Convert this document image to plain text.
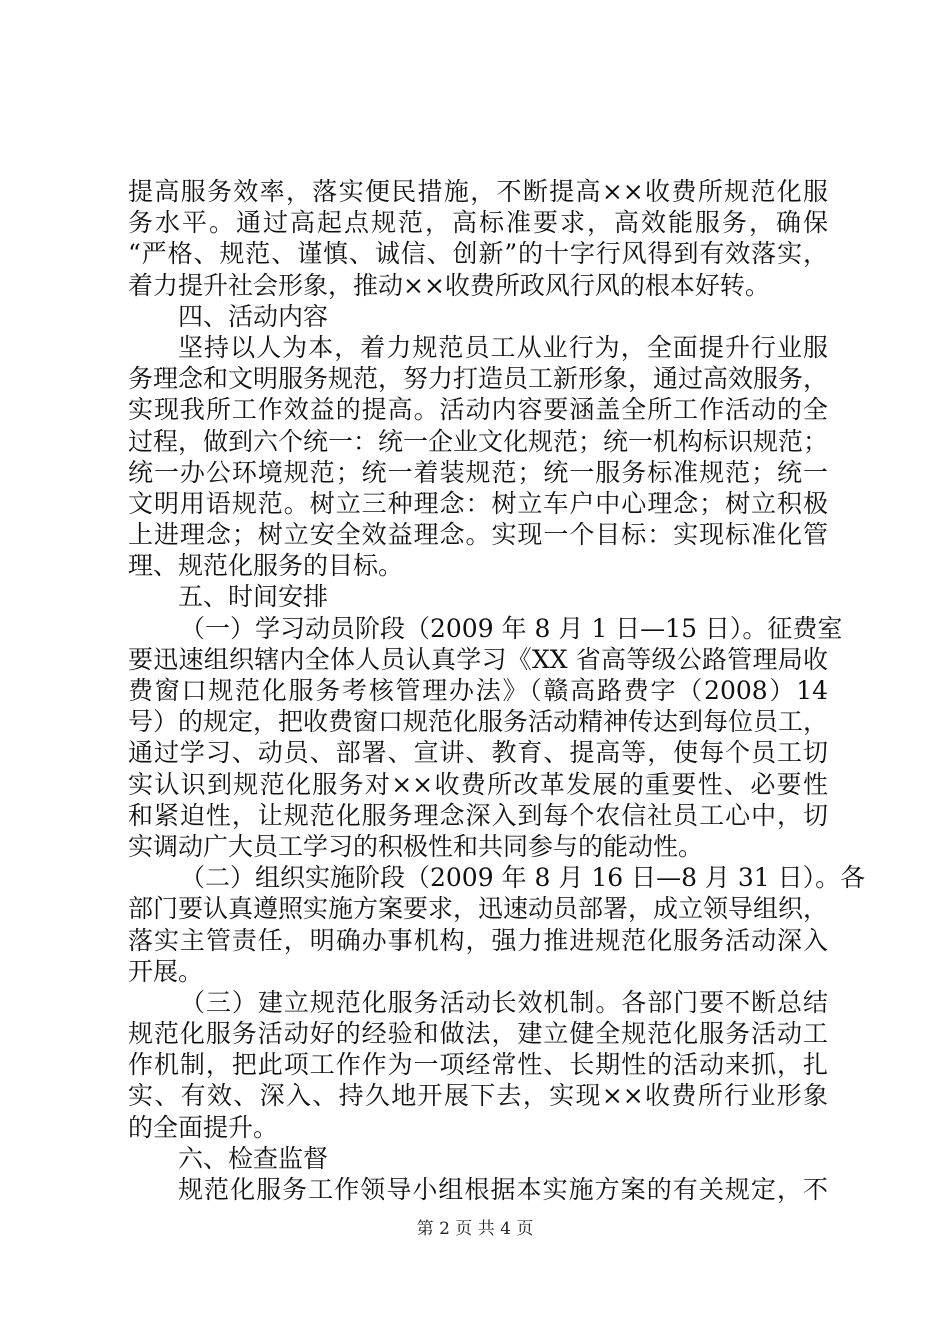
提高服务效率，落实便民措施，不断提高××收费所规范化服
务水平。通过高起点规范，高标准要求，高效能服务，确保
“严格、规范、谨慎、诚信、创新”的十字行风得到有效落实，
着力提升社会形象，推动××收费所政风行风的根本好转。
四、活动内容
坚持以人为本，着力规范员工从业行为，全面提升行业服
务理念和文明服务规范，努力打造员工新形象，通过高效服务，
实现我所工作效益的提高。活动内容要涵盖全所工作活动的全
过程，做到六个统一：统一企业文化规范；统一机构标识规范；
统一办公环境规范；统一着装规范；统一服务标准规范；统一
文明用语规范。树立三种理念：树立车户中心理念；树立积极
上进理念；树立安全效益理念。实现一个目标：实现标准化管
理、规范化服务的目标。
五、时间安排
（一）学习动员阶段（2009 年 8 月 1 日—15 日）。征费室
要迅速组织辖内全体人员认真学习《XX 省高等级公路管理局收
费窗口规范化服务考核管理办法》（赣高路费字（2008）14
号）的规定，把收费窗口规范化服务活动精神传达到每位员工，
通过学习、动员、部署、宣讲、教育、提高等，使每个员工切
实认识到规范化服务对××收费所改革发展的重要性、必要性
和紧迫性，让规范化服务理念深入到每个农信社员工心中，切
实调动广大员工学习的积极性和共同参与的能动性。
（二）组织实施阶段（2009 年 8 月 16 日—8 月 31 日）。各
部门要认真遵照实施方案要求，迅速动员部署，成立领导组织，
落实主管责任，明确办事机构，强力推进规范化服务活动深入
开展。
（三）建立规范化服务活动长效机制。各部门要不断总结
规范化服务活动好的经验和做法，建立健全规范化服务活动工
作机制，把此项工作作为一项经常性、长期性的活动来抓，扎
实、有效、深入、持久地开展下去，实现××收费所行业形象
的全面提升。
六、检查监督
规范化服务工作领导小组根据本实施方案的有关规定，不
第 2 页 共 4 页
